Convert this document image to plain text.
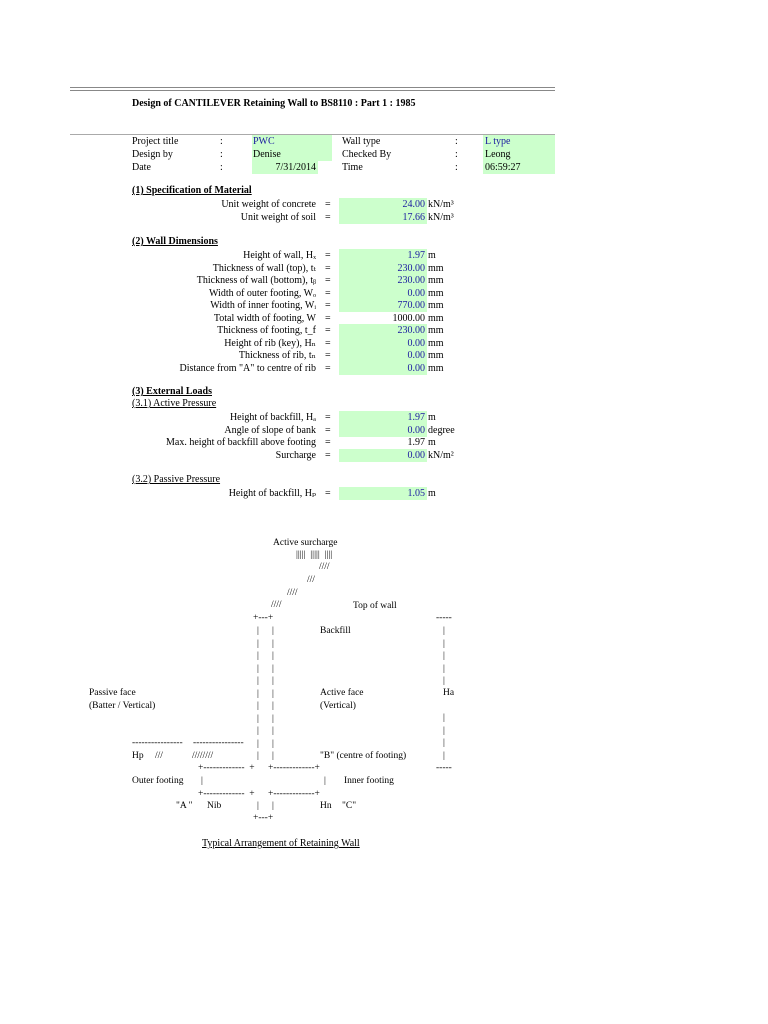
Design of CANTILEVER Retaining Wall to BS8110 : Part 1 : 1985
Project title	:	PWC	Wall type	:	L type
Design by	:	Denise	Checked By	:	Leong
Date	:	7/31/2014	Time	:	06:59:27
(1) Specification of Material
Unit weight of concrete =	24.00 kN/m³
Unit weight of soil =	17.66 kN/m³
(2) Wall Dimensions
Height of wall, Hₓ =	1.97 m
Thickness of wall (top), tₜ =	230.00 mm
Thickness of wall (bottom), tᵦ =	230.00 mm
Width of outer footing, Wₒ =	0.00 mm
Width of inner footing, Wᵢ =	770.00 mm
Total width of footing, W =	1000.00 mm
Thickness of footing, t_f =	230.00 mm
Height of rib (key), Hₙ =	0.00 mm
Thickness of rib, tₙ =	0.00 mm
Distance from "A" to centre of rib =	0.00 mm
(3) External Loads
(3.1) Active Pressure
Height of backfill, Hₐ =	1.97 m
Angle of slope of bank =	0.00 degree
Max. height of backfill above footing =	1.97 m
Surcharge =	0.00 kN/m²
(3.2) Passive Pressure
Height of backfill, Hₚ =	1.05 m
Active surcharge
|||||  |||||  ||||
////
///
////
////	Top of wall
-----
+---+
Backfill
Passive face
(Batter / Vertical)
Active face
(Vertical)
Ha
---------------- ----------------
Hp ///	////////	"B" (centre of footing)
+-------------  + +-------------+	-----
Outer footing	Inner footing
+-------------  + +-------------+
"A " Nib	Hn "C"
+---+
| |
| |
| |
| |
| |
| |
| |
| |
| |
| |
| |
|
|
|
|
|
|
|
|
|
|	|
| |
Typical Arrangement of Retaining Wall
